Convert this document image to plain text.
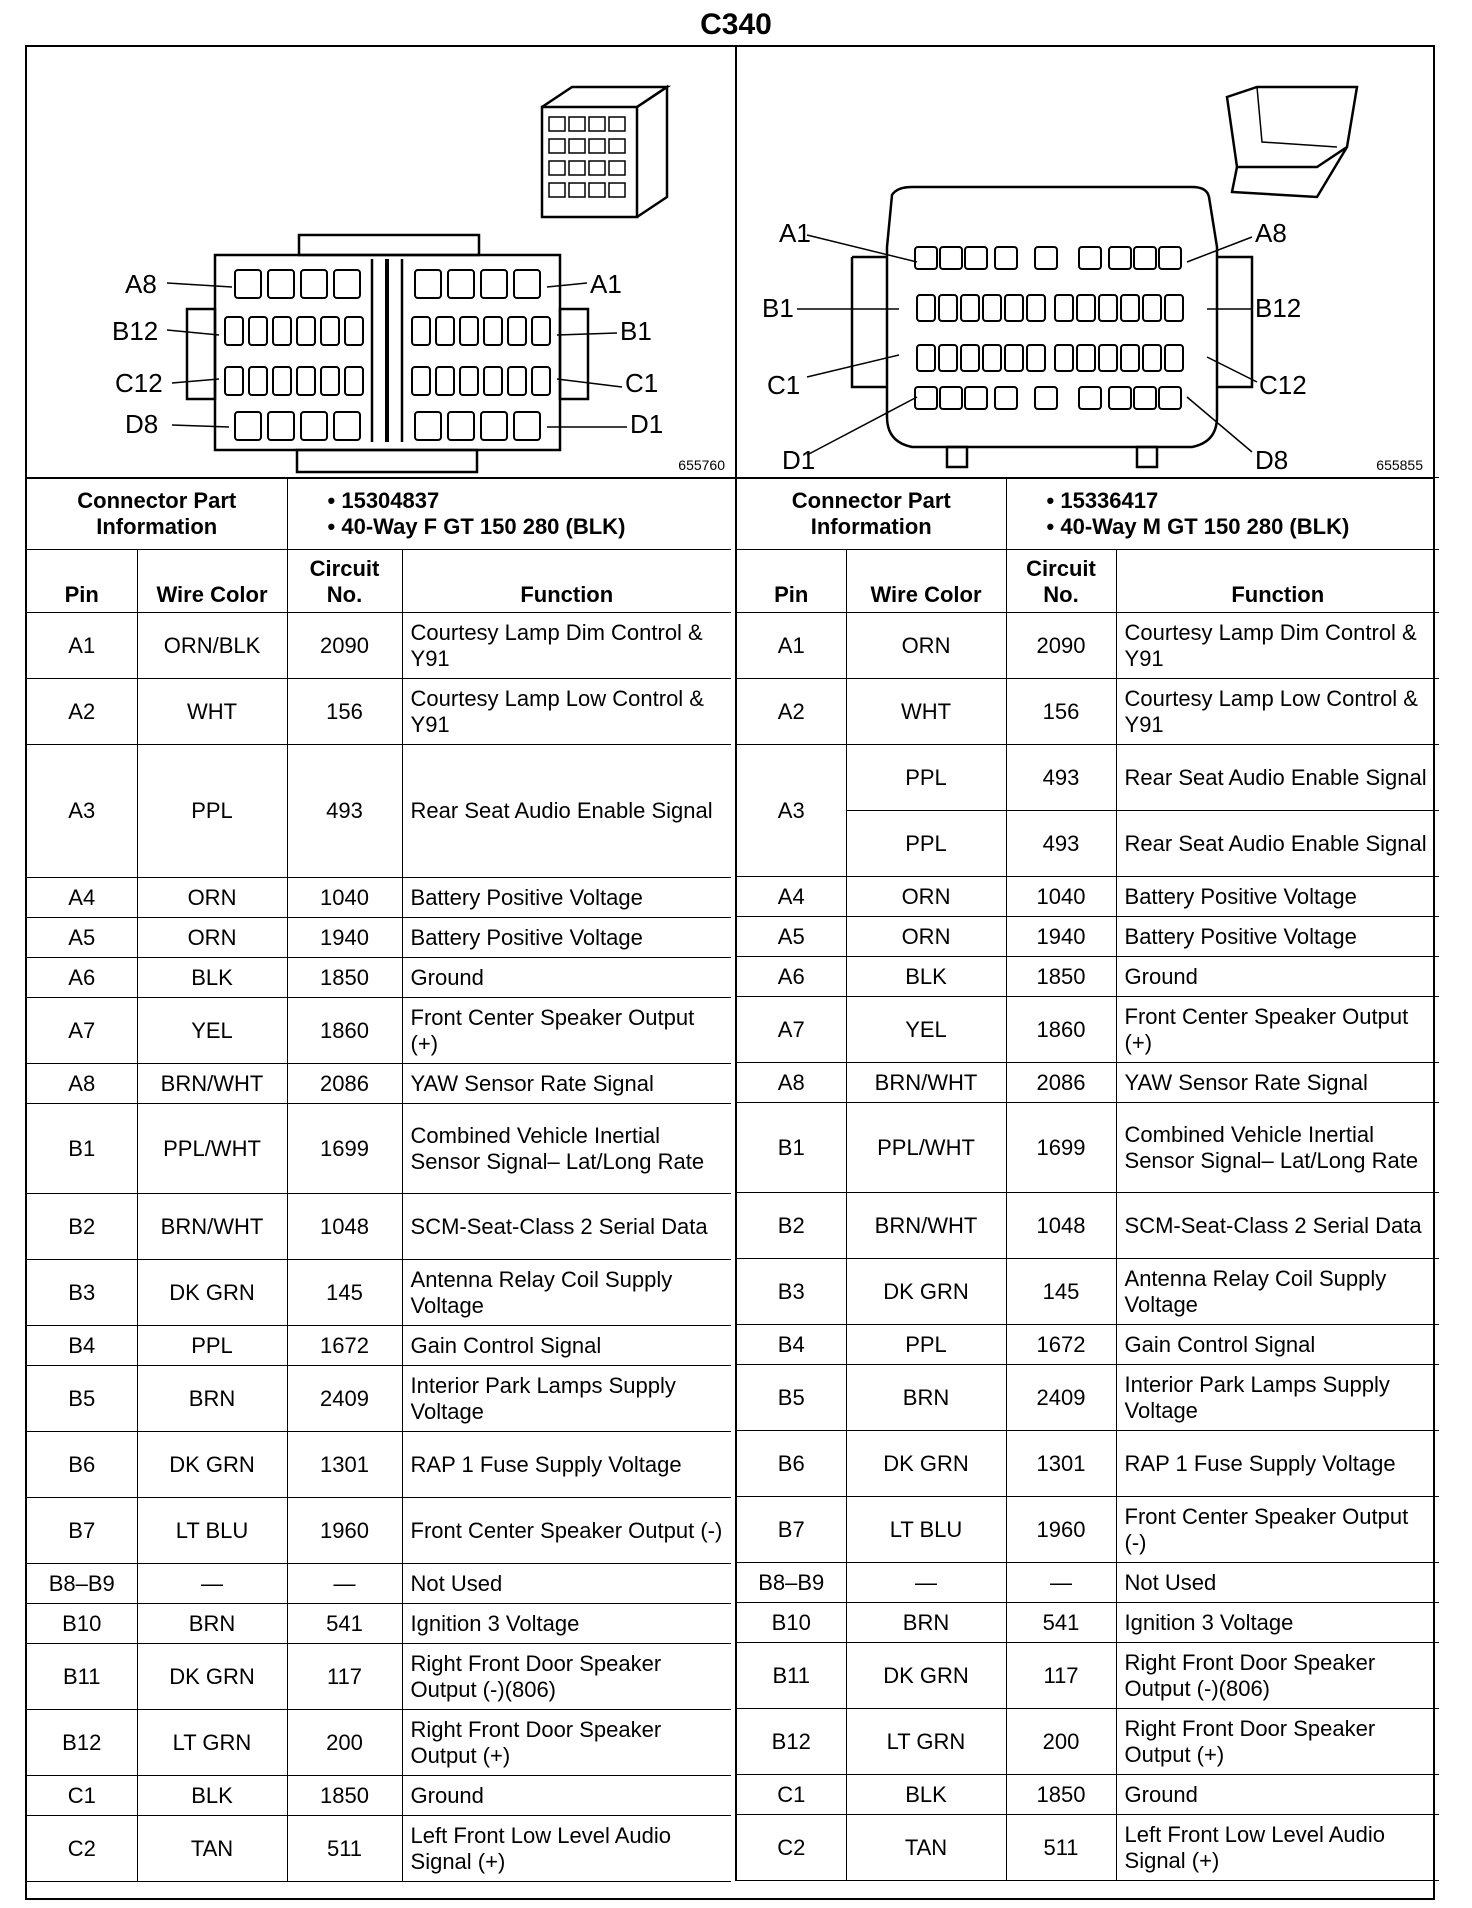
C340
A8	A1
B12	B1
C12	C1
D8	D1
655760
A1	A8
B1	B12
C1	C12
D1	D8	655855
Connector Part Information		• 15304837
• 40-Way F GT 150 280 (BLK)

Pin	Wire Color	Circuit No.	Function
A1	ORN/BLK	2090	Courtesy Lamp Dim Control & Y91
A2	WHT	156	Courtesy Lamp Low Control & Y91
A3	PPL	493	Rear Seat Audio Enable Signal
A4	ORN	1040	Battery Positive Voltage
A5	ORN	1940	Battery Positive Voltage
A6	BLK	1850	Ground
A7	YEL	1860	Front Center Speaker Output (+)
A8	BRN/WHT	2086	YAW Sensor Rate Signal
B1	PPL/WHT	1699	Combined Vehicle Inertial Sensor Signal– Lat/Long Rate
B2	BRN/WHT	1048	SCM-Seat-Class 2 Serial Data
B3	DK GRN	145	Antenna Relay Coil Supply Voltage
B4	PPL	1672	Gain Control Signal
B5	BRN	2409	Interior Park Lamps Supply Voltage
B6	DK GRN	1301	RAP 1 Fuse Supply Voltage
B7	LT BLU	1960	Front Center Speaker Output (-)
B8–B9	—	—	Not Used
B10	BRN	541	Ignition 3 Voltage
B11	DK GRN	117	Right Front Door Speaker Output (-)(806)
B12	LT GRN	200	Right Front Door Speaker Output (+)
C1	BLK	1850	Ground
C2	TAN	511	Left Front Low Level Audio Signal (+)
Connector Part Information		• 15336417
• 40-Way M GT 150 280 (BLK)

Pin	Wire Color	Circuit No.	Function
A1	ORN	2090	Courtesy Lamp Dim Control & Y91
A2	WHT	156	Courtesy Lamp Low Control & Y91
A3	PPL	493	Rear Seat Audio Enable Signal
	PPL	493	Rear Seat Audio Enable Signal
A4	ORN	1040	Battery Positive Voltage
A5	ORN	1940	Battery Positive Voltage
A6	BLK	1850	Ground
A7	YEL	1860	Front Center Speaker Output (+)
A8	BRN/WHT	2086	YAW Sensor Rate Signal
B1	PPL/WHT	1699	Combined Vehicle Inertial Sensor Signal– Lat/Long Rate
B2	BRN/WHT	1048	SCM-Seat-Class 2 Serial Data
B3	DK GRN	145	Antenna Relay Coil Supply Voltage
B4	PPL	1672	Gain Control Signal
B5	BRN	2409	Interior Park Lamps Supply Voltage
B6	DK GRN	1301	RAP 1 Fuse Supply Voltage
B7	LT BLU	1960	Front Center Speaker Output (-)
B8–B9	—	—	Not Used
B10	BRN	541	Ignition 3 Voltage
B11	DK GRN	117	Right Front Door Speaker Output (-)(806)
B12	LT GRN	200	Right Front Door Speaker Output (+)
C1	BLK	1850	Ground
C2	TAN	511	Left Front Low Level Audio Signal (+)
